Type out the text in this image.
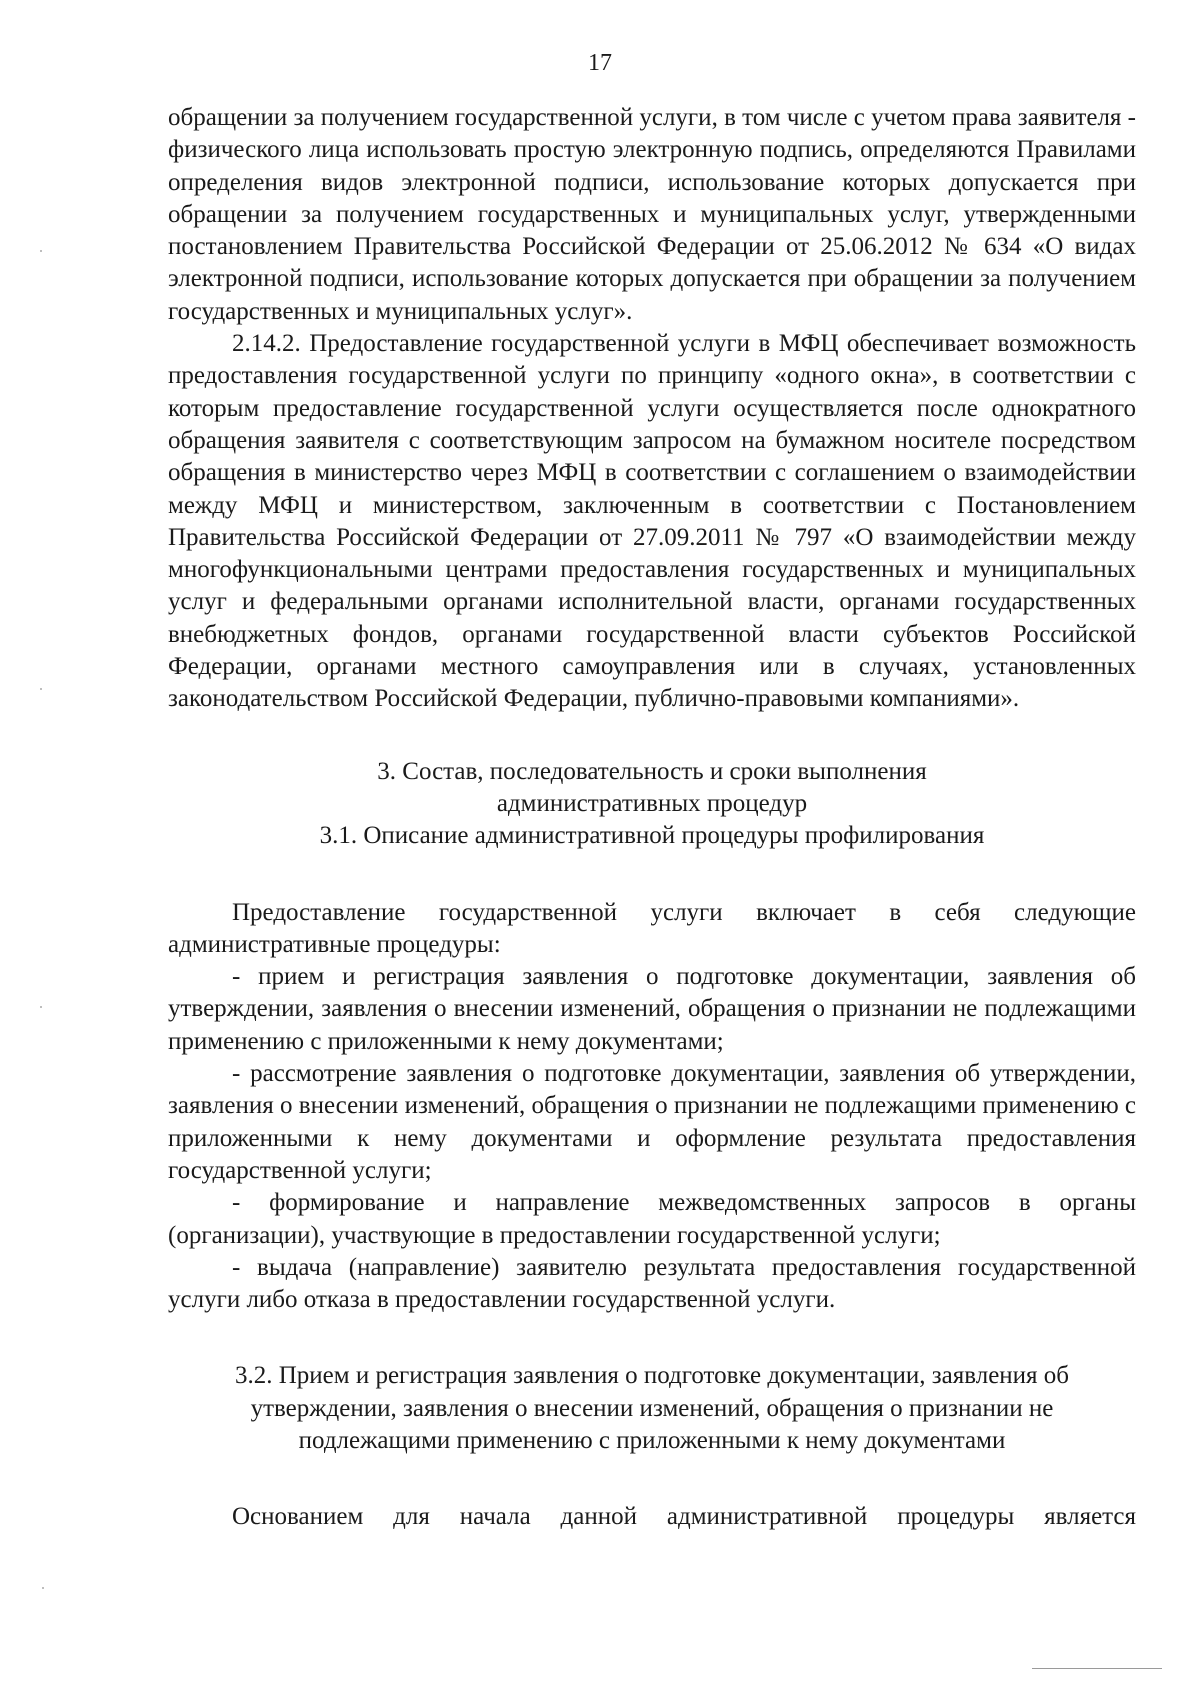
17

обращении за получением государственной услуги, в том числе с учетом права заявителя - физического лица использовать простую электронную подпись, определяются Правилами определения видов электронной подписи, использование которых допускается при обращении за получением государственных и муниципальных услуг, утвержденными постановлением Правительства Российской Федерации от 25.06.2012 № 634 «О видах электронной подписи, использование которых допускается при обращении за получением государственных и муниципальных услуг».

2.14.2. Предоставление государственной услуги в МФЦ обеспечивает возможность предоставления государственной услуги по принципу «одного окна», в соответствии с которым предоставление государственной услуги осуществляется после однократного обращения заявителя с соответствующим запросом на бумажном носителе посредством обращения в министерство через МФЦ в соответствии с соглашением о взаимодействии между МФЦ и министерством, заключенным в соответствии с Постановлением Правительства Российской Федерации от 27.09.2011 № 797 «О взаимодействии между многофункциональными центрами предоставления государственных и муниципальных услуг и федеральными органами исполнительной власти, органами государственных внебюджетных фондов, органами государственной власти субъектов Российской Федерации, органами местного самоуправления или в случаях, установленных законодательством Российской Федерации, публично-правовыми компаниями».

3. Состав, последовательность и сроки выполнения

административных процедур

3.1. Описание административной процедуры профилирования

Предоставление государственной услуги включает в себя следующие административные процедуры:

- прием и регистрация заявления о подготовке документации, заявления об утверждении, заявления о внесении изменений, обращения о признании не подлежащими применению с приложенными к нему документами;

- рассмотрение заявления о подготовке документации, заявления об утверждении, заявления о внесении изменений, обращения о признании не подлежащими применению с приложенными к нему документами и оформление результата предоставления государственной услуги;

- формирование и направление межведомственных запросов в органы (организации), участвующие в предоставлении государственной услуги;

- выдача (направление) заявителю результата предоставления государственной услуги либо отказа в предоставлении государственной услуги.

3.2. Прием и регистрация заявления о подготовке документации, заявления об утверждении, заявления о внесении изменений, обращения о признании не подлежащими применению с приложенными к нему документами

Основанием для начала данной административной процедуры является
